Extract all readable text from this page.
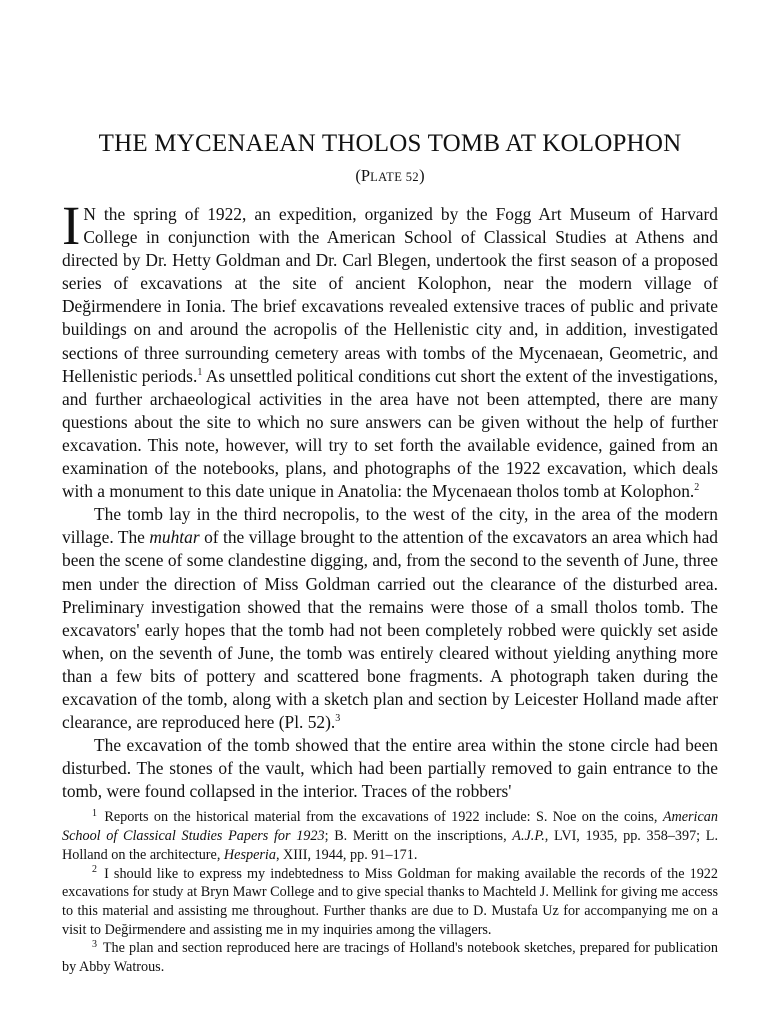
THE MYCENAEAN THOLOS TOMB AT KOLOPHON
(PLATE 52)

I N the spring of 1922, an expedition, organized by the Fogg Art Museum of Harvard College in conjunction with the American School of Classical Studies at Athens and directed by Dr. Hetty Goldman and Dr. Carl Blegen, undertook the first season of a proposed series of excavations at the site of ancient Kolophon, near the modern village of Değirmendere in Ionia. The brief excavations revealed extensive traces of public and private buildings on and around the acropolis of the Hellenistic city and, in addition, investigated sections of three surrounding cemetery areas with tombs of the Mycenaean, Geometric, and Hellenistic periods.$^1$ As unsettled political conditions cut short the extent of the investigations, and further archaeological activities in the area have not been attempted, there are many questions about the site to which no sure answers can be given without the help of further excavation. This note, however, will try to set forth the available evidence, gained from an examination of the notebooks, plans, and photographs of the 1922 excavation, which deals with a monument to this date unique in Anatolia: the Mycenaean tholos tomb at Kolophon.$^2$

The tomb lay in the third necropolis, to the west of the city, in the area of the modern village. The muhtar of the village brought to the attention of the excavators an area which had been the scene of some clandestine digging, and, from the second to the seventh of June, three men under the direction of Miss Goldman carried out the clearance of the disturbed area. Preliminary investigation showed that the remains were those of a small tholos tomb. The excavators' early hopes that the tomb had not been completely robbed were quickly set aside when, on the seventh of June, the tomb was entirely cleared without yielding anything more than a few bits of pottery and scattered bone fragments. A photograph taken during the excavation of the tomb, along with a sketch plan and section by Leicester Holland made after clearance, are reproduced here (Pl. 52).$^3$

The excavation of the tomb showed that the entire area within the stone circle had been disturbed. The stones of the vault, which had been partially removed to gain entrance to the tomb, were found collapsed in the interior. Traces of the robbers'

$^1$ Reports on the historical material from the excavations of 1922 include: S. Noe on the coins, American School of Classical Studies Papers for 1923; B. Meritt on the inscriptions, A.J.P., LVI, 1935, pp. 358–397; L. Holland on the architecture, Hesperia, XIII, 1944, pp. 91–171.

$^2$ I should like to express my indebtedness to Miss Goldman for making available the records of the 1922 excavations for study at Bryn Mawr College and to give special thanks to Machteld J. Mellink for giving me access to this material and assisting me throughout. Further thanks are due to D. Mustafa Uz for accompanying me on a visit to Değirmendere and assisting me in my inquiries among the villagers.

$^3$ The plan and section reproduced here are tracings of Holland's notebook sketches, prepared for publication by Abby Watrous.
